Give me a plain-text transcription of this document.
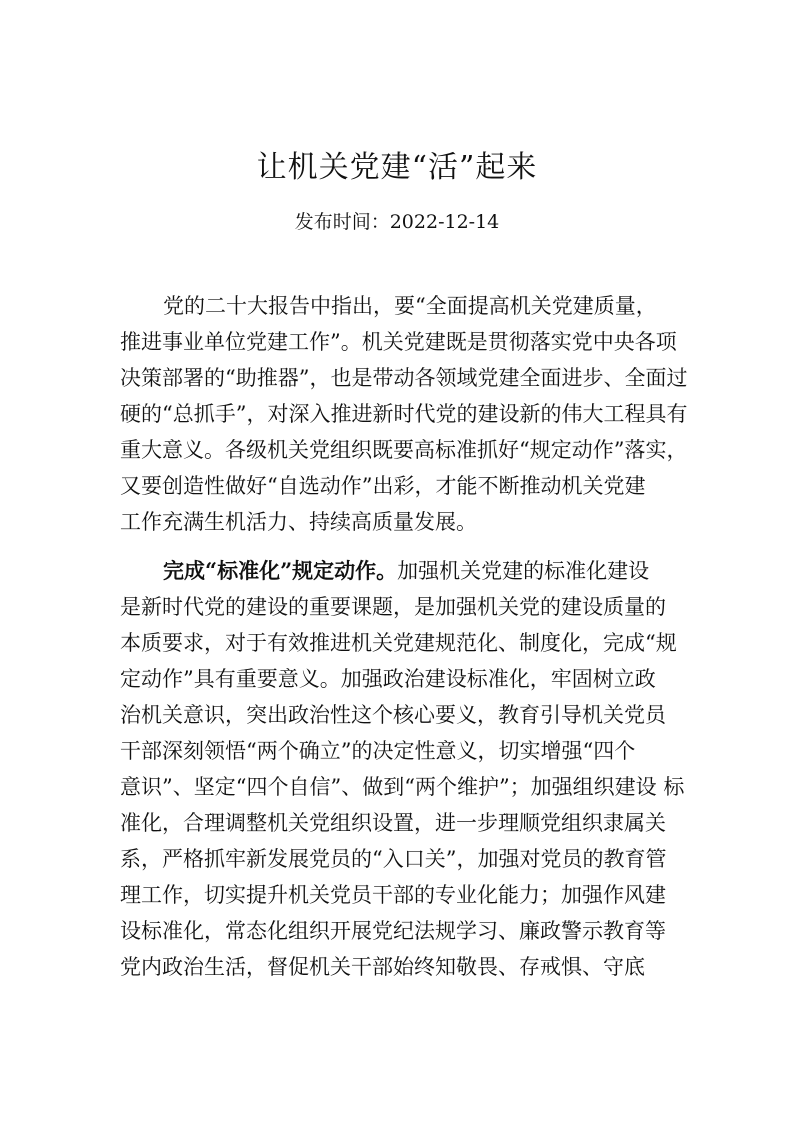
让机关党建“活”起来
发布时间：2022-12-14
党的二十大报告中指出，要“全面提高机关党建质量，
推进事业单位党建工作”。机关党建既是贯彻落实党中央各项
决策部署的“助推器”，也是带动各领域党建全面进步、全面过
硬的“总抓手”，对深入推进新时代党的建设新的伟大工程具有
重大意义。各级机关党组织既要高标准抓好“规定动作”落实，
又要创造性做好“自选动作”出彩，才能不断推动机关党建
工作充满生机活力、持续高质量发展。
完成“标准化”规定动作。加强机关党建的标准化建设
是新时代党的建设的重要课题，是加强机关党的建设质量的
本质要求，对于有效推进机关党建规范化、制度化，完成“规
定动作”具有重要意义。加强政治建设标准化，牢固树立政
治机关意识，突出政治性这个核心要义，教育引导机关党员
干部深刻领悟“两个确立”的决定性意义，切实增强“四个
意识”、坚定“四个自信”、做到“两个维护”；加强组织建设 标
准化，合理调整机关党组织设置，进一步理顺党组织隶属关
系，严格抓牢新发展党员的“入口关”，加强对党员的教育管
理工作，切实提升机关党员干部的专业化能力；加强作风建
设标准化，常态化组织开展党纪法规学习、廉政警示教育等
党内政治生活，督促机关干部始终知敬畏、存戒惧、守底
